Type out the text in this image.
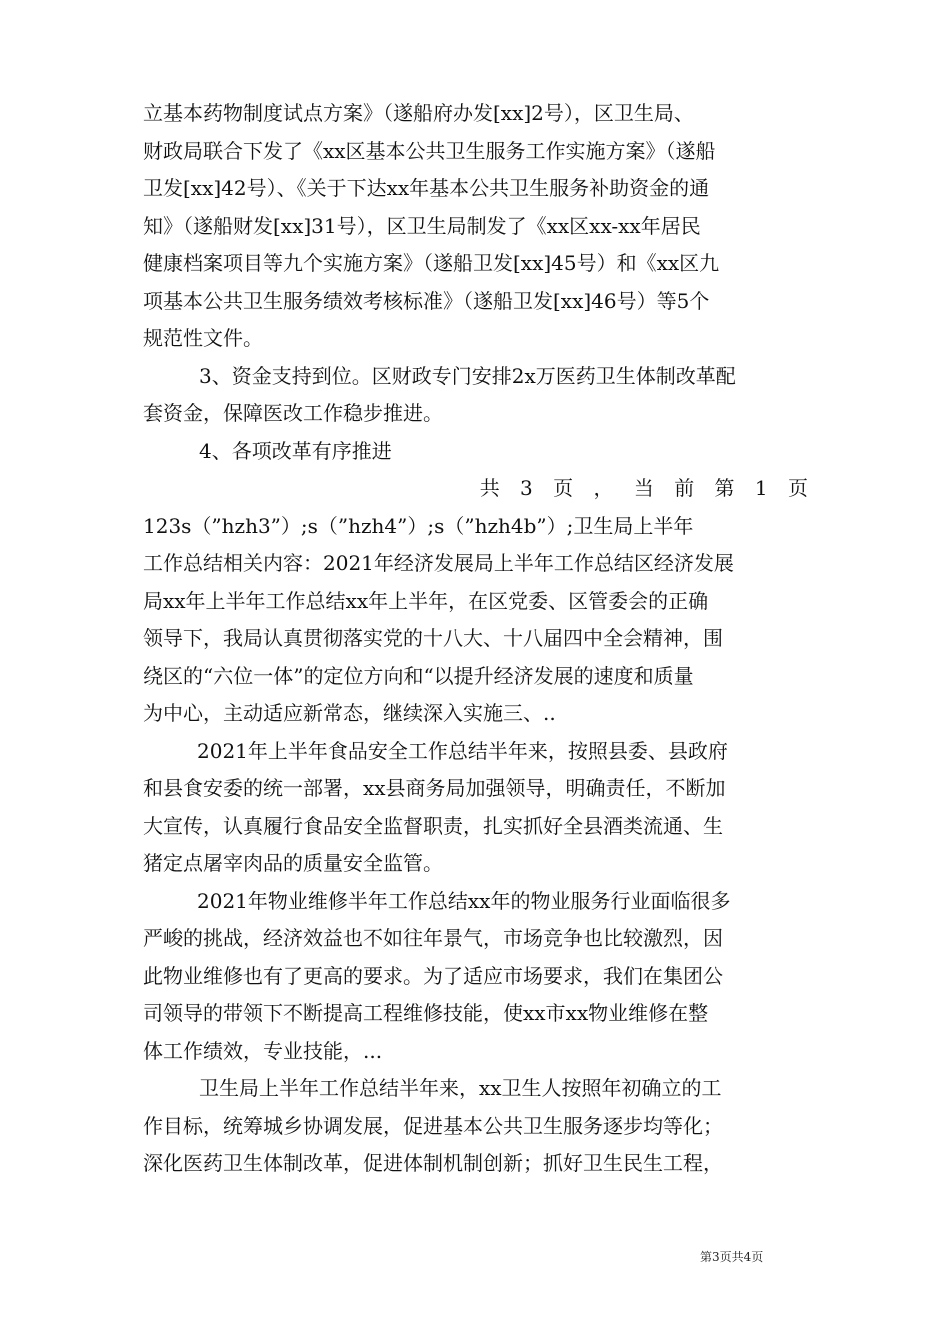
立基本药物制度试点方案》（遂船府办发[xx]2号），区卫生局、
财政局联合下发了《xx区基本公共卫生服务工作实施方案》（遂船
卫发[xx]42号）、《关于下达xx年基本公共卫生服务补助资金的通
知》（遂船财发[xx]31号），区卫生局制发了《xx区xx-xx年居民
健康档案项目等九个实施方案》（遂船卫发[xx]45号）和《xx区九
项基本公共卫生服务绩效考核标准》（遂船卫发[xx]46号）等5个
规范性文件。
3、资金支持到位。区财政专门安排2x万医药卫生体制改革配
套资金，保障医改工作稳步推进。
4、各项改革有序推进
共 3 页 ， 当 前 第 1 页
123s（”hzh3”）;s（”hzh4”）;s（”hzh4b”）;卫生局上半年
工作总结相关内容：2021年经济发展局上半年工作总结区经济发展
局xx年上半年工作总结xx年上半年，在区党委、区管委会的正确
领导下，我局认真贯彻落实党的十八大、十八届四中全会精神，围
绕区的“六位一体”的定位方向和“以提升经济发展的速度和质量
为中心，主动适应新常态，继续深入实施三、..
2021年上半年食品安全工作总结半年来，按照县委、县政府
和县食安委的统一部署，xx县商务局加强领导，明确责任，不断加
大宣传，认真履行食品安全监督职责，扎实抓好全县酒类流通、生
猪定点屠宰肉品的质量安全监管。
2021年物业维修半年工作总结xx年的物业服务行业面临很多
严峻的挑战，经济效益也不如往年景气，市场竞争也比较激烈，因
此物业维修也有了更高的要求。为了适应市场要求，我们在集团公
司领导的带领下不断提高工程维修技能，使xx市xx物业维修在整
体工作绩效，专业技能，...
卫生局上半年工作总结半年来，xx卫生人按照年初确立的工
作目标，统筹城乡协调发展，促进基本公共卫生服务逐步均等化；
深化医药卫生体制改革，促进体制机制创新；抓好卫生民生工程，
第3页共4页
